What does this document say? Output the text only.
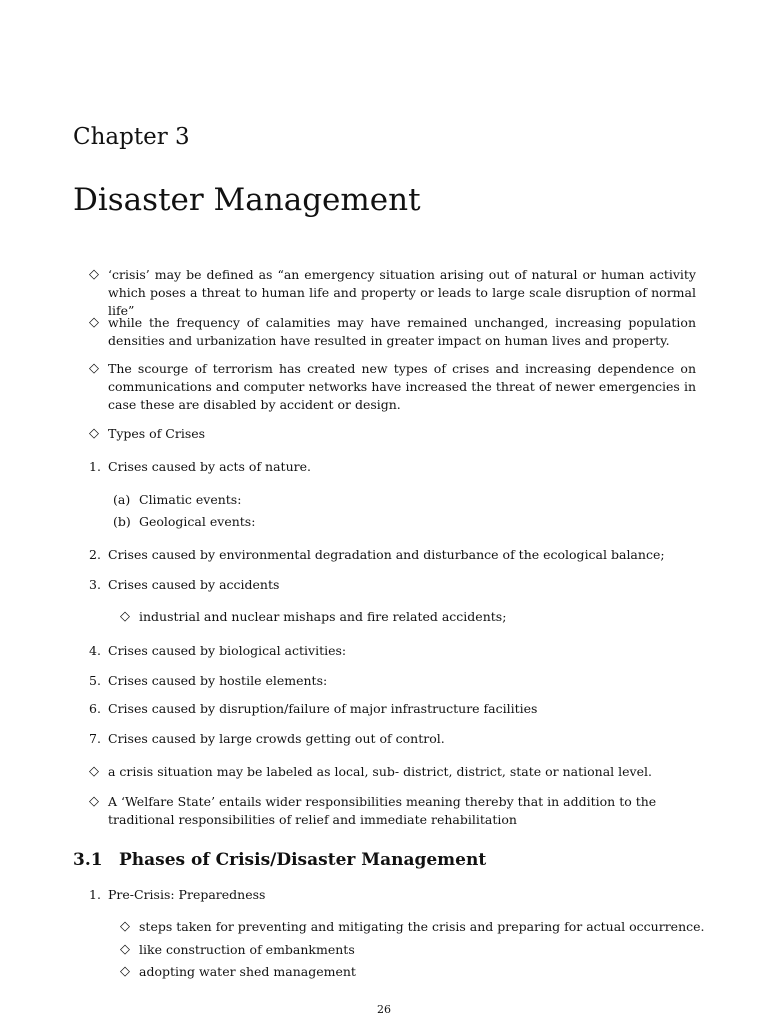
Chapter 3
Disaster Management
◇ ‘crisis’ may be defined as “an emergency situation arising out of natural or human activity which poses a threat to human life and property or leads to large scale disruption of normal life”
◇ while the frequency of calamities may have remained unchanged, increasing population densities and urbanization have resulted in greater impact on human lives and property.
◇ The scourge of terrorism has created new types of crises and increasing dependence on communications and computer networks have increased the threat of newer emergencies in case these are disabled by accident or design.
◇ Types of Crises
1. Crises caused by acts of nature.
(a) Climatic events:
(b) Geological events:
2. Crises caused by environmental degradation and disturbance of the ecological balance;
3. Crises caused by accidents
◇ industrial and nuclear mishaps and fire related accidents;
4. Crises caused by biological activities:
5. Crises caused by hostile elements:
6. Crises caused by disruption/failure of major infrastructure facilities
7. Crises caused by large crowds getting out of control.
◇ a crisis situation may be labeled as local, sub- district, district, state or national level.
◇ A ‘Welfare State’ entails wider responsibilities meaning thereby that in addition to the traditional responsibilities of relief and immediate rehabilitation
3.1 Phases of Crisis/Disaster Management
1. Pre-Crisis: Preparedness
◇ steps taken for preventing and mitigating the crisis and preparing for actual occurrence.
◇ like construction of embankments
◇ adopting water shed management
26
